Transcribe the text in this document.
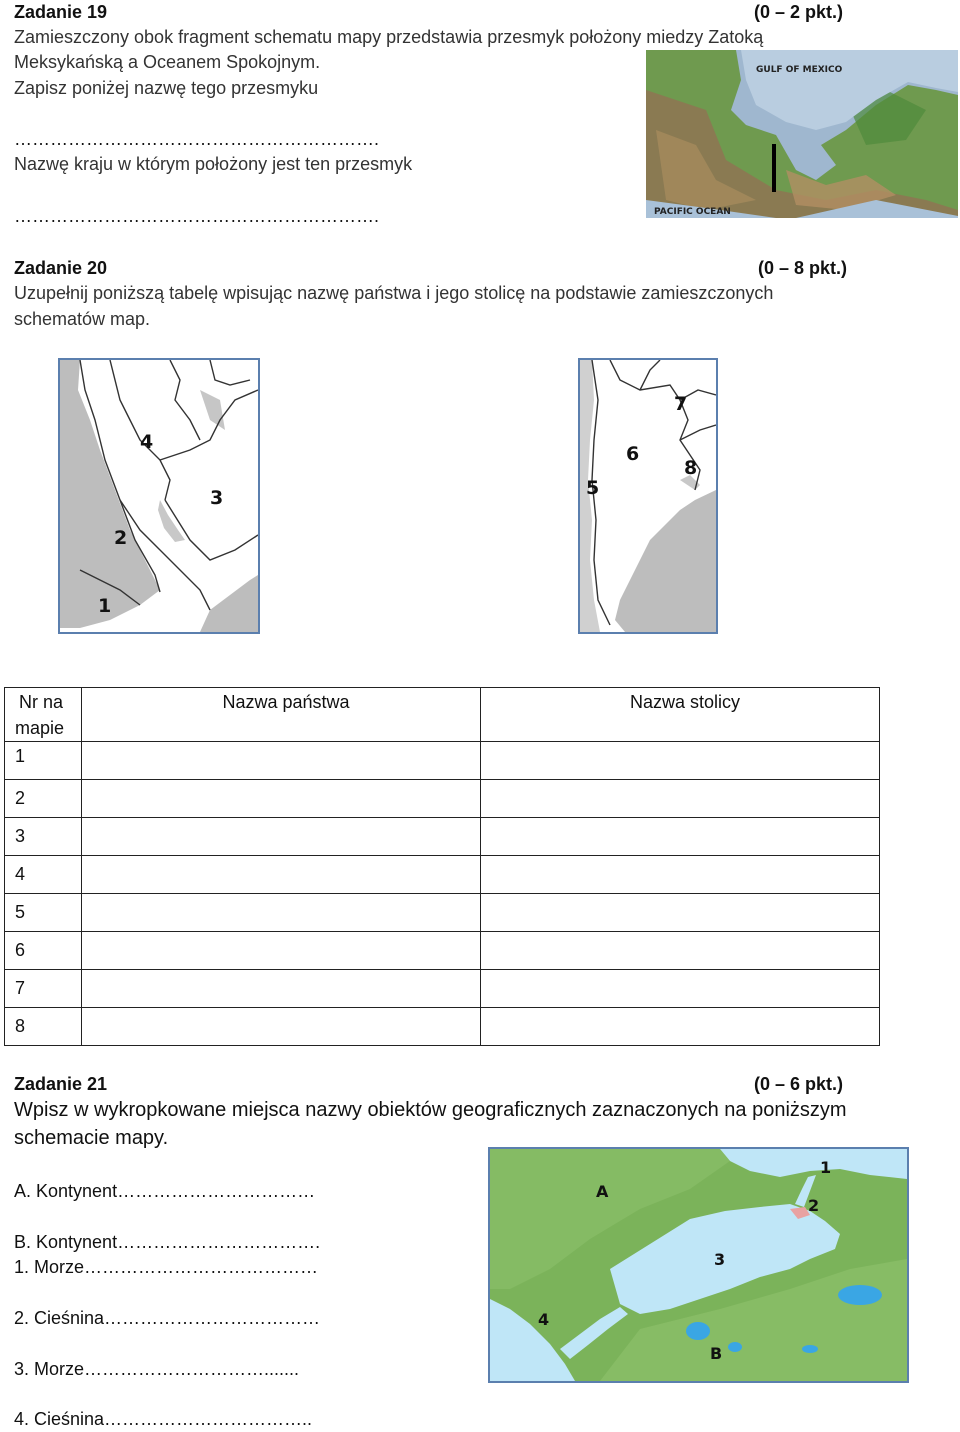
Zadanie 19	(0 – 2 pkt.)
Zamieszczony obok fragment schematu mapy przedstawia przesmyk położony miedzy Zatoką
Meksykańską a Oceanem Spokojnym.
Zapisz poniżej nazwę tego przesmyku
…………………………………………………….
Nazwę kraju w którym położony jest ten przesmyk
…………………………………………………….
GULF OF MEXICO
PACIFIC OCEAN
Zadanie 20	(0 – 8 pkt.)
Uzupełnij poniższą tabelę wpisując nazwę państwa i jego stolicę na podstawie zamieszczonych
schematów map.
4
3
2
1
7
6
8
5
Nr na
mapie	Nazwa państwa	Nazwa stolicy
1		
2		
3		
4		
5		
6		
7		
8		
Zadanie 21	(0 – 6 pkt.)
Wpisz w wykropkowane miejsca nazwy obiektów geograficznych zaznaczonych na poniższym
schemacie mapy.
A. Kontynent……………………………
B. Kontynent…………………………….
1. Morze…………………………………
2. Cieśnina………………………………
3. Morze………………………….......
4. Cieśnina……………………………..
1
A
2
3
4
B
